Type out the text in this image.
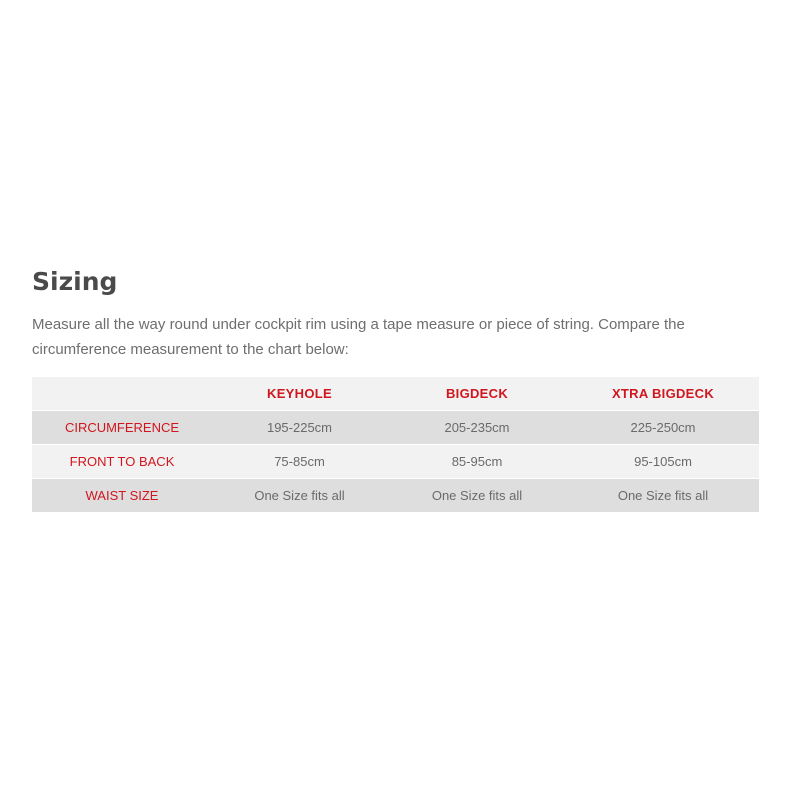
Sizing

Measure all the way round under cockpit rim using a tape measure or piece of string. Compare the circumference measurement to the chart below:

	KEYHOLE	BIGDECK	XTRA BIGDECK
CIRCUMFERENCE	195-225cm	205-235cm	225-250cm
FRONT TO BACK	75-85cm	85-95cm	95-105cm
WAIST SIZE	One Size fits all	One Size fits all	One Size fits all
